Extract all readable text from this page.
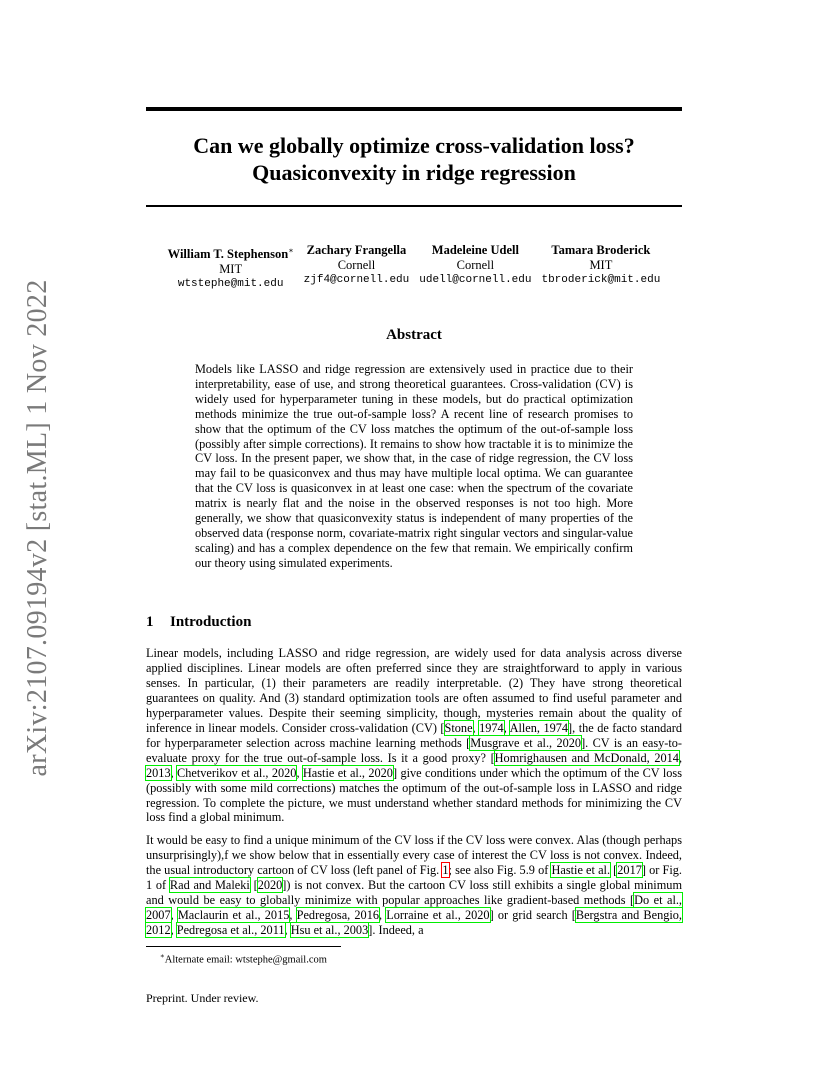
arXiv:2107.09194v2 [stat.ML] 1 Nov 2022
Can we globally optimize cross-validation loss?
Quasiconvexity in ridge regression
William T. Stephenson∗
MIT
wtstephe@mit.edu
Zachary Frangella
Cornell
zjf4@cornell.edu
Madeleine Udell
Cornell
udell@cornell.edu
Tamara Broderick
MIT
tbroderick@mit.edu
Abstract

Models like LASSO and ridge regression are extensively used in practice due to their interpretability, ease of use, and strong theoretical guarantees. Cross-validation (CV) is widely used for hyperparameter tuning in these models, but do practical optimization methods minimize the true out-of-sample loss? A recent line of research promises to show that the optimum of the CV loss matches the optimum of the out-of-sample loss (possibly after simple corrections). It remains to show how tractable it is to minimize the CV loss. In the present paper, we show that, in the case of ridge regression, the CV loss may fail to be quasiconvex and thus may have multiple local optima. We can guarantee that the CV loss is quasiconvex in at least one case: when the spectrum of the covariate matrix is nearly flat and the noise in the observed responses is not too high. More generally, we show that quasiconvexity status is independent of many properties of the observed data (response norm, covariate-matrix right singular vectors and singular-value scaling) and has a complex dependence on the few that remain. We empirically confirm our theory using simulated experiments.

1 Introduction

Linear models, including LASSO and ridge regression, are widely used for data analysis across diverse applied disciplines. Linear models are often preferred since they are straightforward to apply in various senses. In particular, (1) their parameters are readily interpretable. (2) They have strong theoretical guarantees on quality. And (3) standard optimization tools are often assumed to find useful parameter and hyperparameter values. Despite their seeming simplicity, though, mysteries remain about the quality of inference in linear models. Consider cross-validation (CV) [Stone, 1974, Allen, 1974], the de facto standard for hyperparameter selection across machine learning methods [Musgrave et al., 2020]. CV is an easy-to-evaluate proxy for the true out-of-sample loss. Is it a good proxy? [Homrighausen and McDonald, 2014, 2013, Chetverikov et al., 2020, Hastie et al., 2020] give conditions under which the optimum of the CV loss (possibly with some mild corrections) matches the optimum of the out-of-sample loss in LASSO and ridge regression. To complete the picture, we must understand whether standard methods for minimizing the CV loss find a global minimum.

It would be easy to find a unique minimum of the CV loss if the CV loss were convex. Alas (though perhaps unsurprisingly),f we show below that in essentially every case of interest the CV loss is not convex. Indeed, the usual introductory cartoon of CV loss (left panel of Fig. 1; see also Fig. 5.9 of Hastie et al. [2017] or Fig. 1 of Rad and Maleki [2020]) is not convex. But the cartoon CV loss still exhibits a single global minimum and would be easy to globally minimize with popular approaches like gradient-based methods [Do et al., 2007, Maclaurin et al., 2015, Pedregosa, 2016, Lorraine et al., 2020] or grid search [Bergstra and Bengio, 2012, Pedregosa et al., 2011, Hsu et al., 2003]. Indeed, a

∗Alternate email: wtstephe@gmail.com

Preprint. Under review.
